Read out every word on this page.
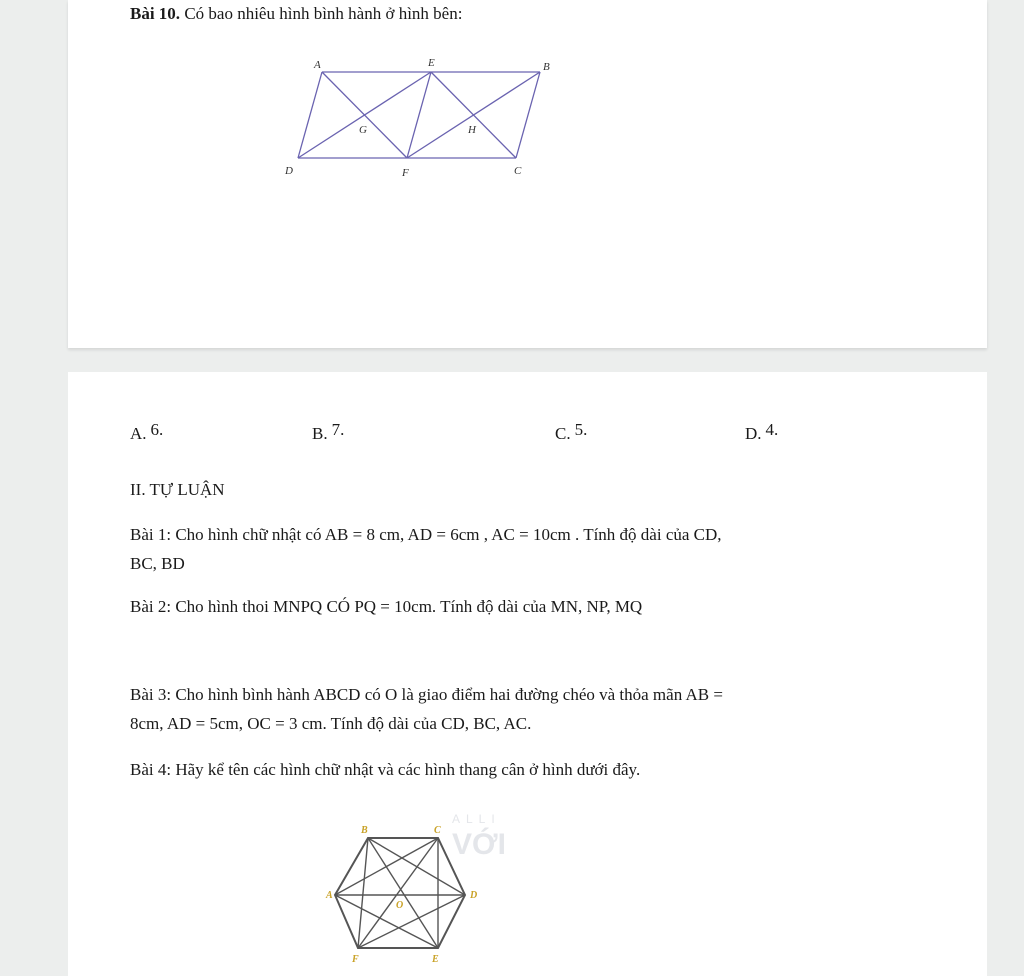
Bài 10. Có bao nhiêu hình bình hành ở hình bên:
A	E	B
G	H
D	F	C
A. 6.	B. 7.	C. 5.	D. 4.
II. TỰ LUẬN
Bài 1: Cho hình chữ nhật có AB = 8 cm, AD = 6cm , AC = 10cm . Tính độ dài của CD,
BC, BD
Bài 2: Cho hình thoi MNPQ CÓ PQ = 10cm. Tính độ dài của MN, NP, MQ
Bài 3: Cho hình bình hành ABCD có O là giao điểm hai đường chéo và thỏa mãn AB =
8cm, AD = 5cm, OC = 3 cm. Tính độ dài của CD, BC, AC.
Bài 4: Hãy kể tên các hình chữ nhật và các hình thang cân ở hình dưới đây.
ALLI
VỚI
B	C
A
O
D
F	E
